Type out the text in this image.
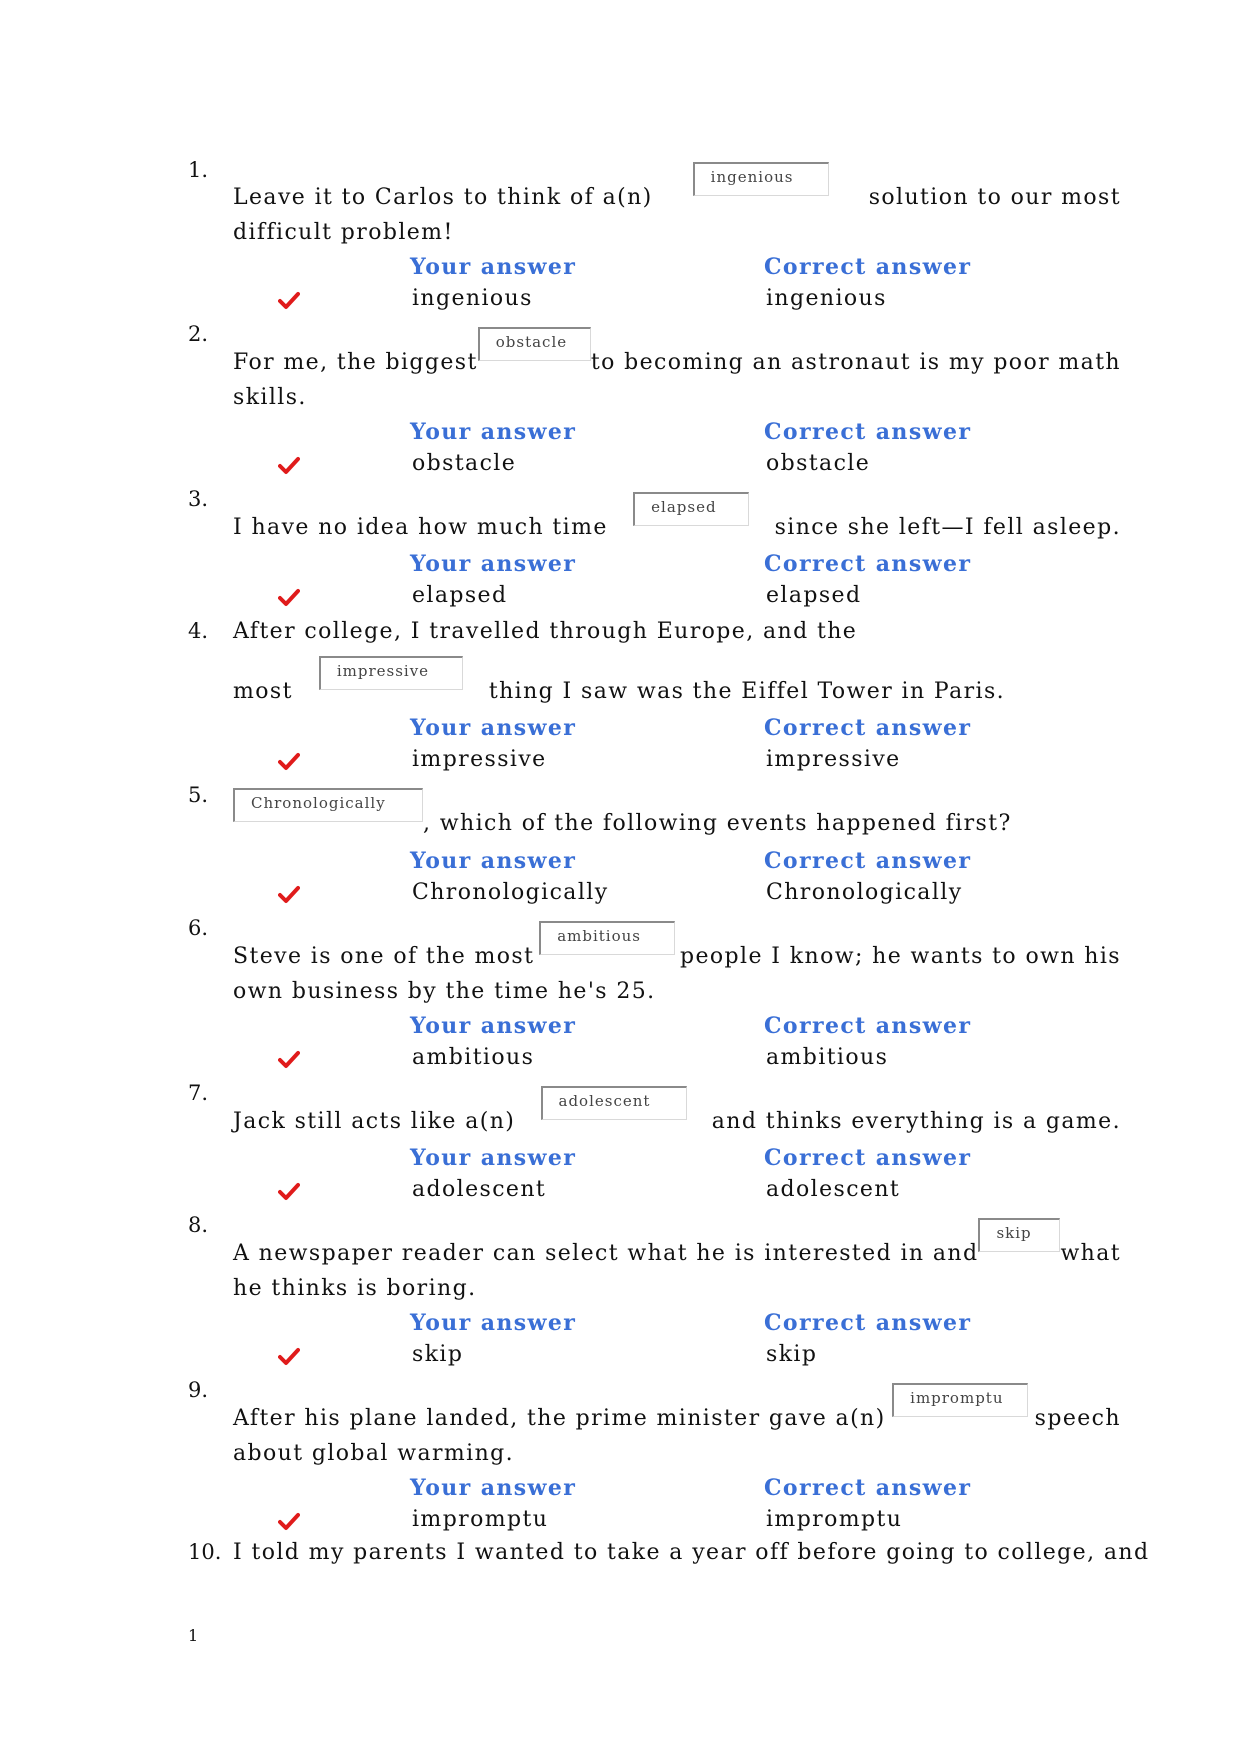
1.
Leave it to Carlos to think of a(n)
ingenious
solution to our most
difficult problem!
Your answer	Correct answer
ingenious	ingenious
2.
For me, the biggest
obstacle
to becoming an astronaut is my poor math
skills.
Your answer	Correct answer
obstacle	obstacle
3.
I have no idea how much time
elapsed
since she left—I fell asleep.
Your answer	Correct answer
elapsed	elapsed
4. After college, I travelled through Europe, and the
most
impressive
thing I saw was the Eiffel Tower in Paris.
Your answer	Correct answer
impressive	impressive
5.	Chronologically
, which of the following events happened first?
Your answer	Correct answer
Chronologically	Chronologically
6.
Steve is one of the most
ambitious
people I know; he wants to own his
own business by the time he's 25.
Your answer	Correct answer
ambitious	ambitious
7.
Jack still acts like a(n)
adolescent
and thinks everything is a game.
Your answer	Correct answer
adolescent	adolescent
8.
A newspaper reader can select what he is interested in and
skip
what
he thinks is boring.
Your answer	Correct answer
skip	skip
9.
After his plane landed, the prime minister gave a(n)
impromptu
speech
about global warming.
Your answer	Correct answer
impromptu	impromptu
10. I told my parents I wanted to take a year off before going to college, and
1
